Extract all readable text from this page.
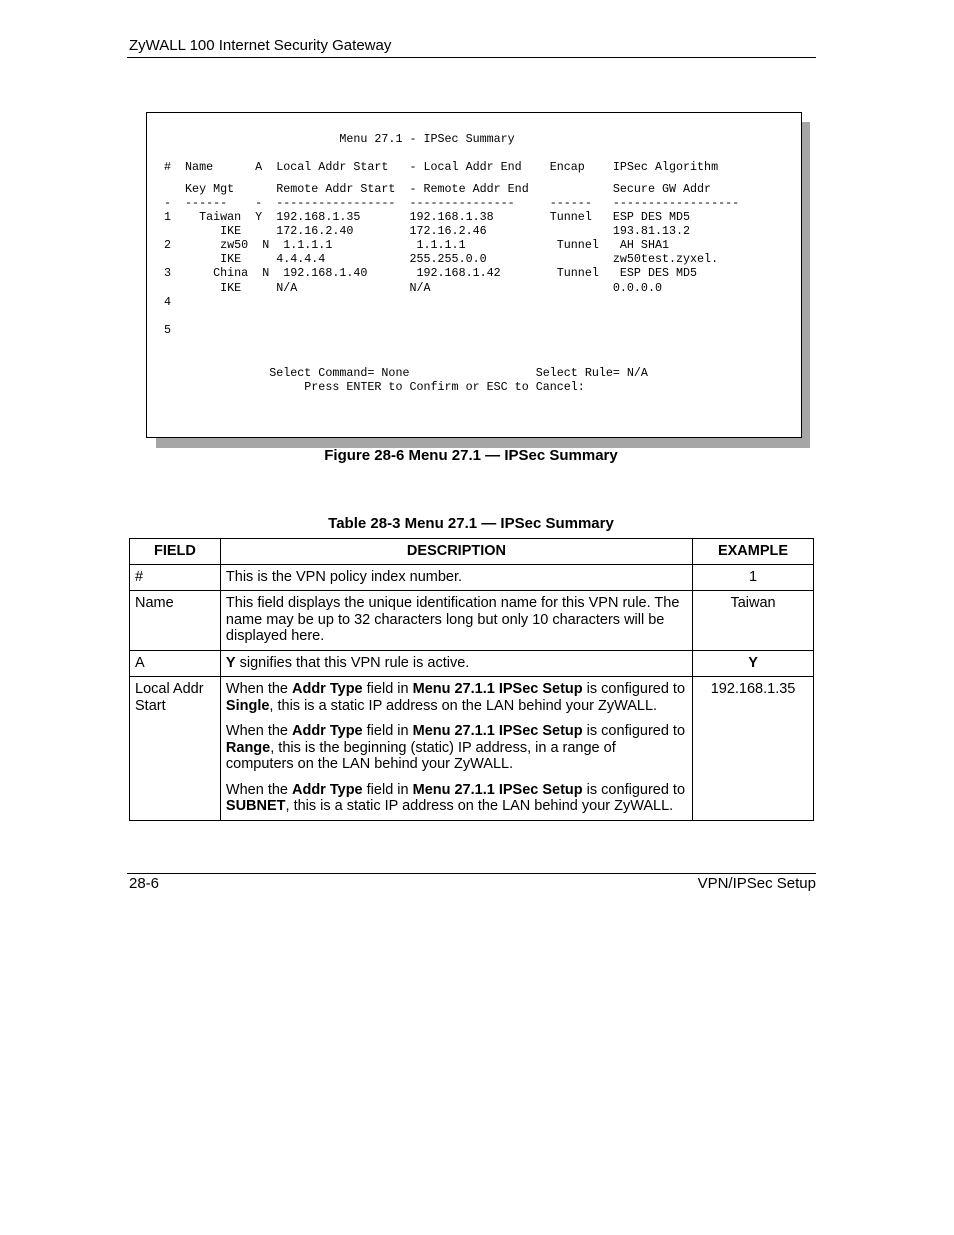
ZyWALL 100 Internet Security Gateway
Menu 27.1 - IPSec Summary
#  Name      A  Local Addr Start   - Local Addr End    Encap    IPSec Algorithm
Key Mgt      Remote Addr Start  - Remote Addr End            Secure GW Addr
-  ------    -  -----------------  ---------------     ------   ------------------
1    Taiwan  Y  192.168.1.35       192.168.1.38        Tunnel   ESP DES MD5
IKE     172.16.2.40        172.16.2.46                  193.81.13.2
2       zw50  N  1.1.1.1            1.1.1.1             Tunnel   AH SHA1
IKE     4.4.4.4            255.255.0.0                  zw50test.zyxel.
3      China  N  192.168.1.40       192.168.1.42        Tunnel   ESP DES MD5
IKE     N/A                N/A                          0.0.0.0
4
5
Select Command= None                  Select Rule= N/A
Press ENTER to Confirm or ESC to Cancel:
Figure 28-6 Menu 27.1 — IPSec Summary
Table 28-3 Menu 27.1 — IPSec Summary
FIELD	DESCRIPTION	EXAMPLE
#	This is the VPN policy index number.	1
Name	This field displays the unique identification name for this VPN rule. The name may be up to 32 characters long but only 10 characters will be displayed here.	Taiwan
A	Y signifies that this VPN rule is active.	Y
Local Addr Start	When the Addr Type field in Menu 27.1.1 IPSec Setup is configured to Single, this is a static IP address on the LAN behind your ZyWALL.

When the Addr Type field in Menu 27.1.1 IPSec Setup is configured to Range, this is the beginning (static) IP address, in a range of computers on the LAN behind your ZyWALL.

When the Addr Type field in Menu 27.1.1 IPSec Setup is configured to SUBNET, this is a static IP address on the LAN behind your ZyWALL.	192.168.1.35
28-6	VPN/IPSec Setup
